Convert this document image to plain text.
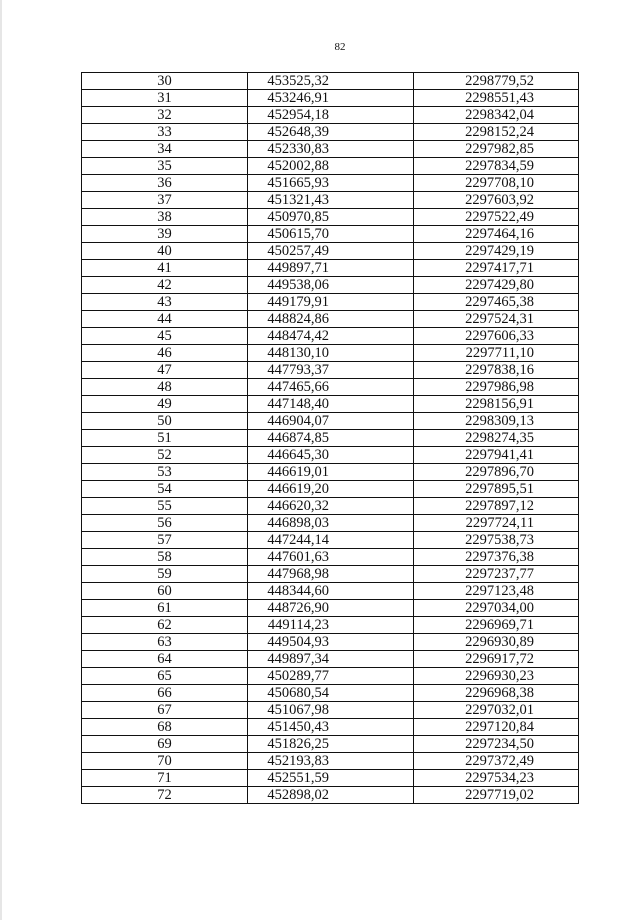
82
30	453525,32	2298779,52
31	453246,91	2298551,43
32	452954,18	2298342,04
33	452648,39	2298152,24
34	452330,83	2297982,85
35	452002,88	2297834,59
36	451665,93	2297708,10
37	451321,43	2297603,92
38	450970,85	2297522,49
39	450615,70	2297464,16
40	450257,49	2297429,19
41	449897,71	2297417,71
42	449538,06	2297429,80
43	449179,91	2297465,38
44	448824,86	2297524,31
45	448474,42	2297606,33
46	448130,10	2297711,10
47	447793,37	2297838,16
48	447465,66	2297986,98
49	447148,40	2298156,91
50	446904,07	2298309,13
51	446874,85	2298274,35
52	446645,30	2297941,41
53	446619,01	2297896,70
54	446619,20	2297895,51
55	446620,32	2297897,12
56	446898,03	2297724,11
57	447244,14	2297538,73
58	447601,63	2297376,38
59	447968,98	2297237,77
60	448344,60	2297123,48
61	448726,90	2297034,00
62	449114,23	2296969,71
63	449504,93	2296930,89
64	449897,34	2296917,72
65	450289,77	2296930,23
66	450680,54	2296968,38
67	451067,98	2297032,01
68	451450,43	2297120,84
69	451826,25	2297234,50
70	452193,83	2297372,49
71	452551,59	2297534,23
72	452898,02	2297719,02
